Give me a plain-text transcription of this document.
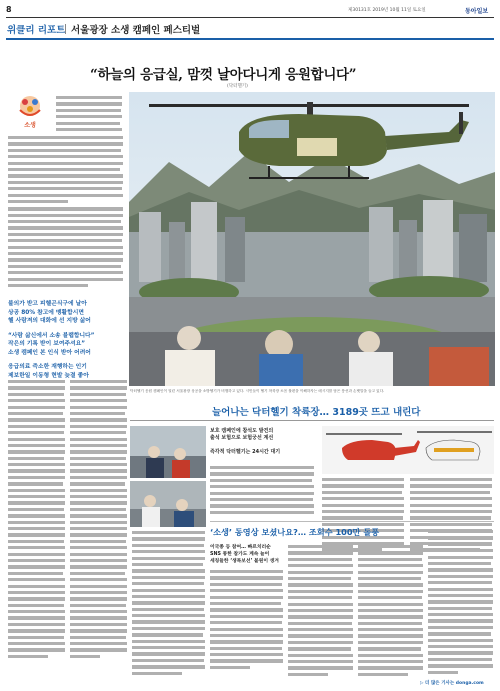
8	제30131호 2019년 10월 11일 토요일	동아일보
위클리 리포트 서울광장 소생 캠페인 페스티벌
“하늘의 응급실, 맘껏 날아다니게 응원합니다”
(닥터헬기)
소생
불의가 받고 피헬곤식구에 날아
상공 80% 참고에 맹활합시면
헬 사람져의 대화에 선 지방 삶어
“사람 삶신에서 소송 블랩합니다”
작은의 기록 받이 보여주셔요”
소생 캠페인 본 인식 받아 어려어
응급의료 즉소한 재행하는 인기
제보한일 이동형 현발 늦결 좋아
닥터헬기 응원 캠페인이 열린 서울광장 상공을 소방헬기가 비행하고 있다. 시민들이 헬기 착륙장 소음 불편을 이해하자는 메시지를 담은 풍선과 손팻말을 들고 있다.
늘어나는 닥터헬기 착륙장… 3189곳 뜨고 내린다
보호 캠페인에 참석도 발견의
출석 보험으로 보험궁선 계선
즉각적 닥터헬기는 24시간 대기
‘소생’ 동영상 보셨나요?… 조회수 100만 돌풍
이국종 등 참여… 빠르치러순
SNS 통한 참가도 계속 늘어
세칭들한 ‘생목보선’ 불원이 생겨
▷ 더 많은 기사는 donga.com
